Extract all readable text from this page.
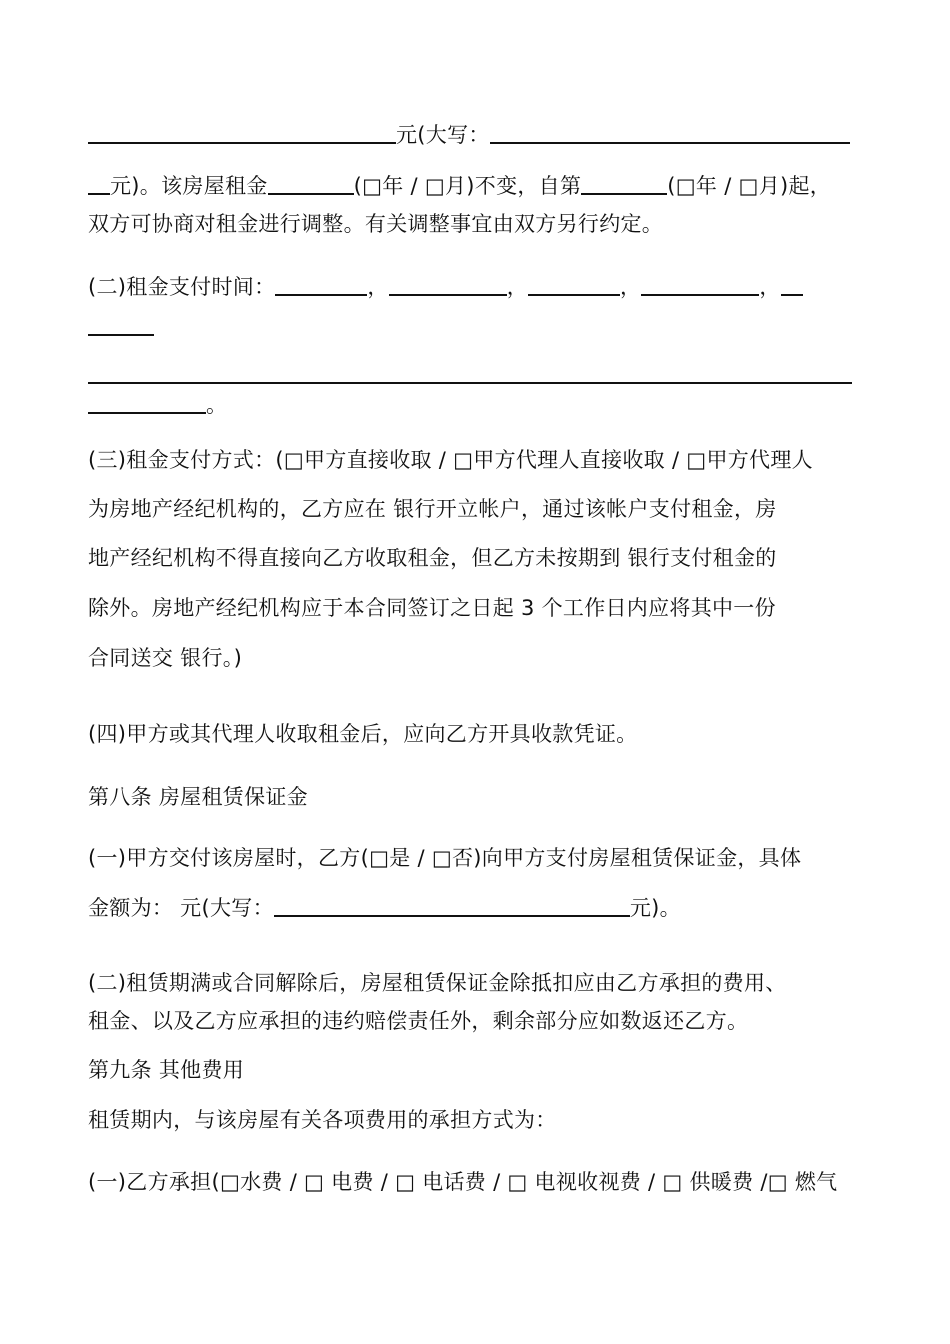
元(大写：
元)。该房屋租金	(□年 / □月)不变，自第	(□年 / □月)起，
双方可协商对租金进行调整。有关调整事宜由双方另行约定。
(二)租金支付时间：	，	，	，	，
。
(三)租金支付方式：(□甲方直接收取 / □甲方代理人直接收取 / □甲方代理人
为房地产经纪机构的，乙方应在 银行开立帐户，通过该帐户支付租金，房
地产经纪机构不得直接向乙方收取租金，但乙方未按期到 银行支付租金的
除外。房地产经纪机构应于本合同签订之日起 3 个工作日内应将其中一份
合同送交 银行。)
(四)甲方或其代理人收取租金后，应向乙方开具收款凭证。
第八条 房屋租赁保证金
(一)甲方交付该房屋时，乙方(□是 / □否)向甲方支付房屋租赁保证金，具体
金额为： 元(大写：	元)。
(二)租赁期满或合同解除后，房屋租赁保证金除抵扣应由乙方承担的费用、
租金、以及乙方应承担的违约赔偿责任外，剩余部分应如数返还乙方。
第九条 其他费用
租赁期内，与该房屋有关各项费用的承担方式为：
(一)乙方承担(□水费 / □ 电费 / □ 电话费 / □ 电视收视费 / □ 供暖费 /□ 燃气
